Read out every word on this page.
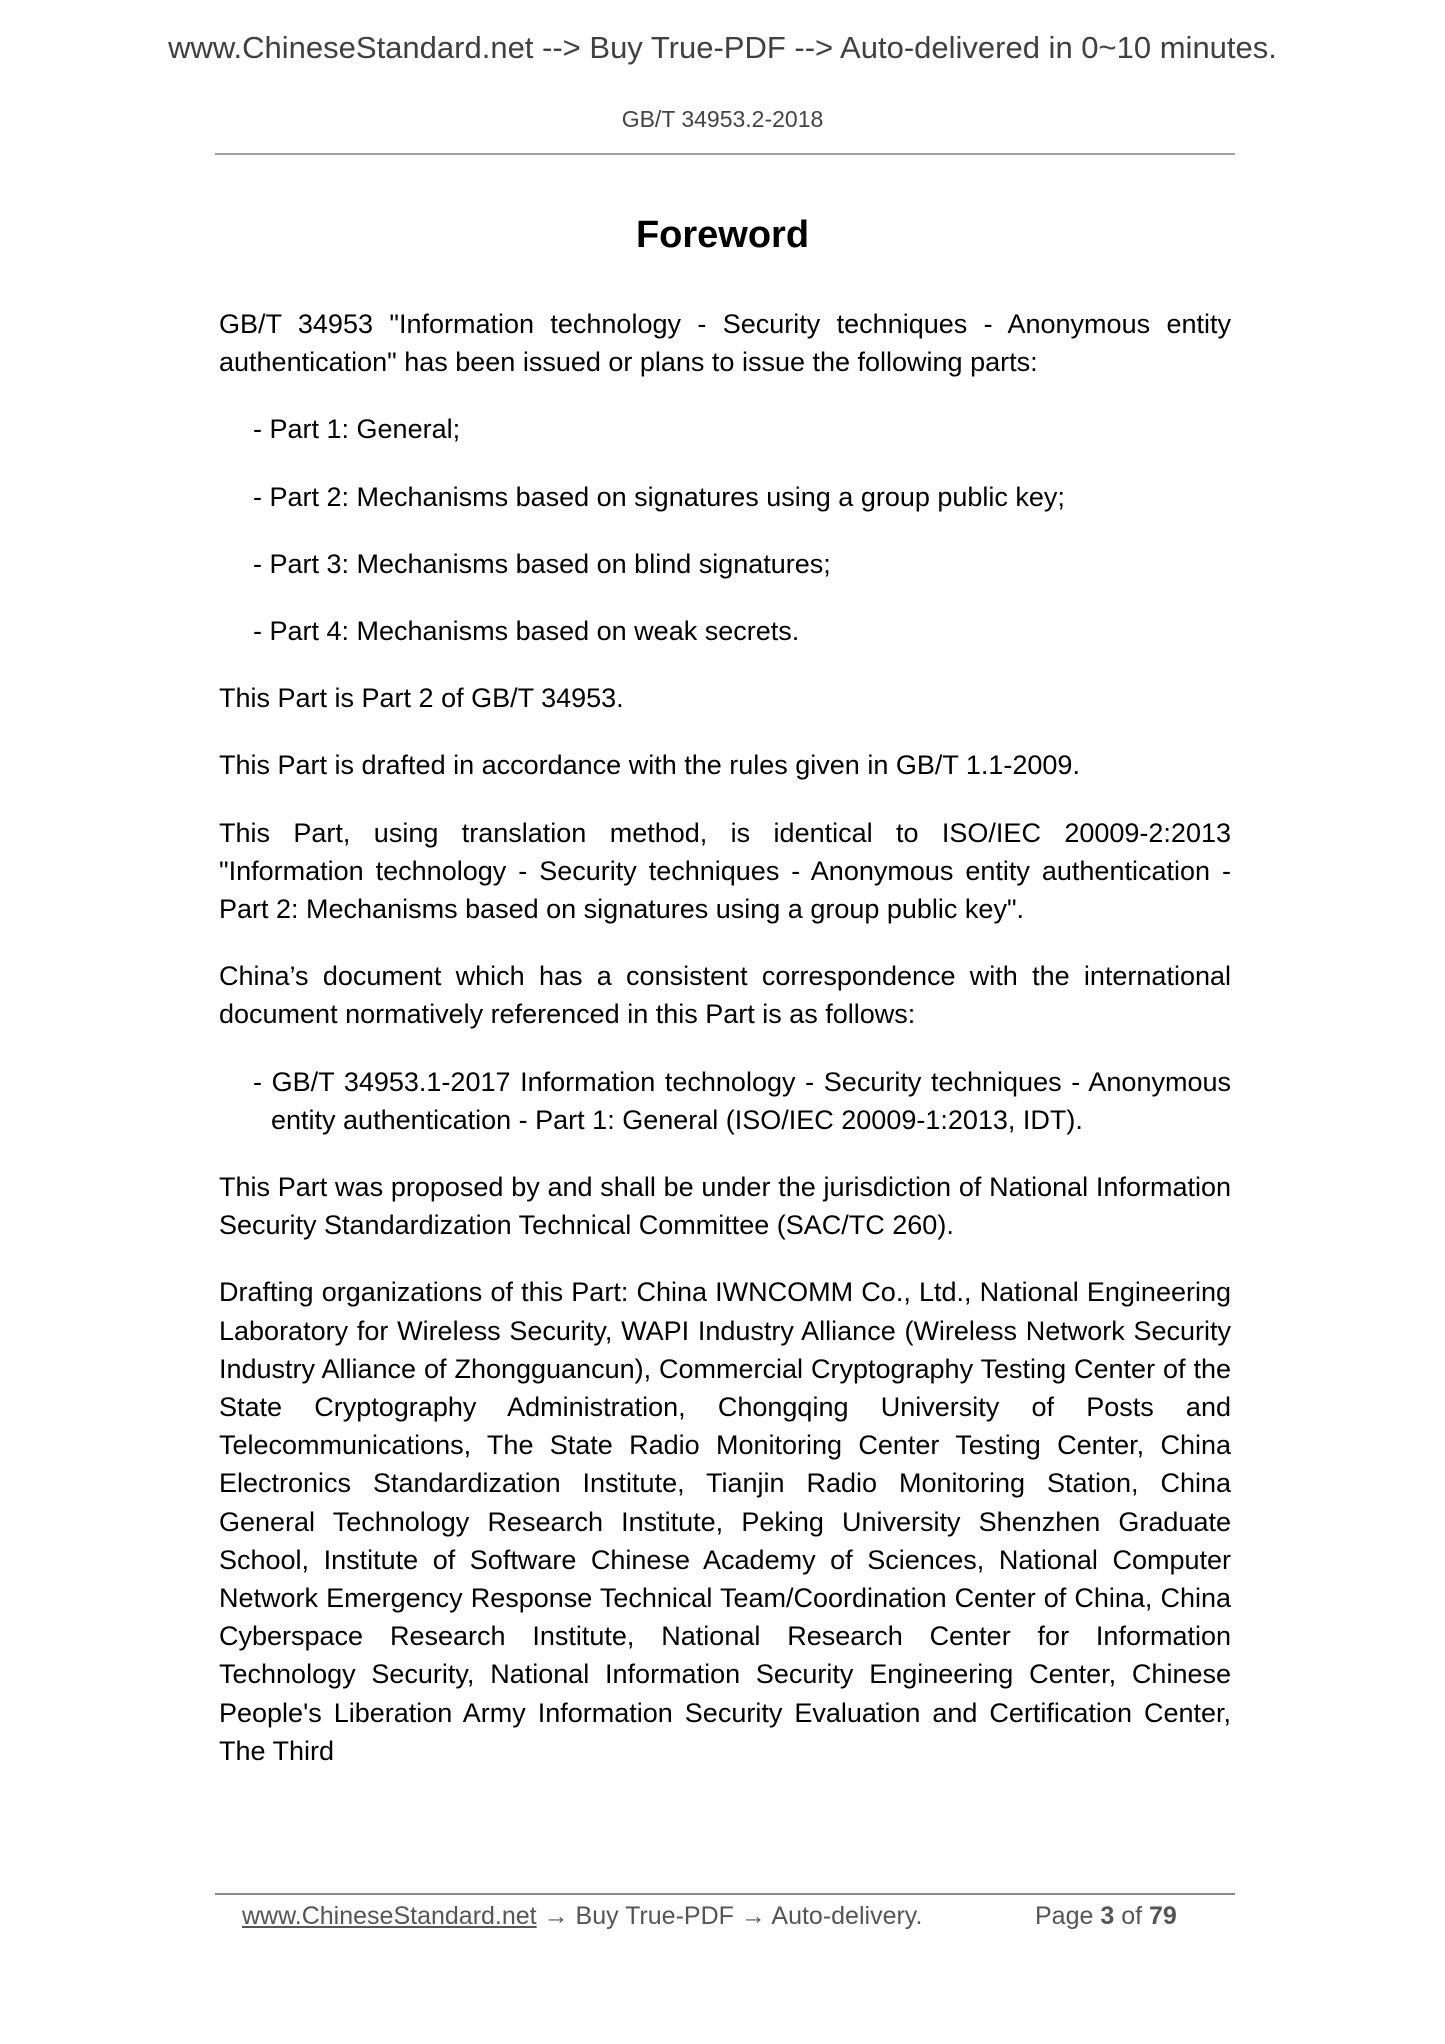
www.ChineseStandard.net --> Buy True-PDF --> Auto-delivered in 0~10 minutes.
GB/T 34953.2-2018
Foreword

GB/T 34953 "Information technology - Security techniques - Anonymous entity authentication" has been issued or plans to issue the following parts:

- Part 1: General;

- Part 2: Mechanisms based on signatures using a group public key;

- Part 3: Mechanisms based on blind signatures;

- Part 4: Mechanisms based on weak secrets.

This Part is Part 2 of GB/T 34953.

This Part is drafted in accordance with the rules given in GB/T 1.1-2009.

This Part, using translation method, is identical to ISO/IEC 20009-2:2013 "Information technology - Security techniques - Anonymous entity authentication - Part 2: Mechanisms based on signatures using a group public key".

China’s document which has a consistent correspondence with the international document normatively referenced in this Part is as follows:

- GB/T 34953.1-2017 Information technology - Security techniques - Anonymous entity authentication - Part 1: General (ISO/IEC 20009-1:2013, IDT).

This Part was proposed by and shall be under the jurisdiction of National Information Security Standardization Technical Committee (SAC/TC 260).

Drafting organizations of this Part: China IWNCOMM Co., Ltd., National Engineering Laboratory for Wireless Security, WAPI Industry Alliance (Wireless Network Security Industry Alliance of Zhongguancun), Commercial Cryptography Testing Center of the State Cryptography Administration, Chongqing University of Posts and Telecommunications, The State Radio Monitoring Center Testing Center, China Electronics Standardization Institute, Tianjin Radio Monitoring Station, China General Technology Research Institute, Peking University Shenzhen Graduate School, Institute of Software Chinese Academy of Sciences, National Computer Network Emergency Response Technical Team/Coordination Center of China, China Cyberspace Research Institute, National Research Center for Information Technology Security, National Information Security Engineering Center, Chinese People's Liberation Army Information Security Evaluation and Certification Center, The Third

www.ChineseStandard.net → Buy True-PDF → Auto-delivery.	Page 3 of 79
